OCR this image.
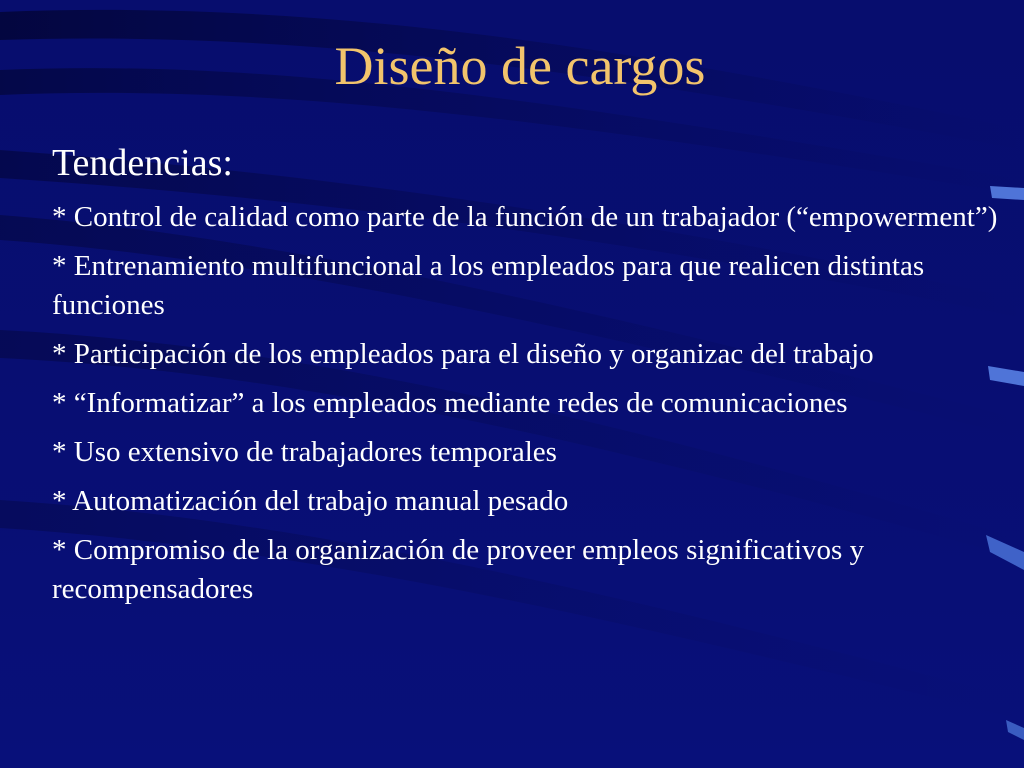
Diseño de cargos
Tendencias:
* Control de calidad como parte de la función de un trabajador (“empowerment”)
* Entrenamiento multifuncional a los empleados para que realicen distintas funciones
* Participación de los empleados para el diseño y organizac del trabajo
* “Informatizar” a los empleados mediante redes de comunicaciones
* Uso extensivo de trabajadores temporales
* Automatización del trabajo manual pesado
* Compromiso de la organización de proveer empleos significativos y recompensadores
